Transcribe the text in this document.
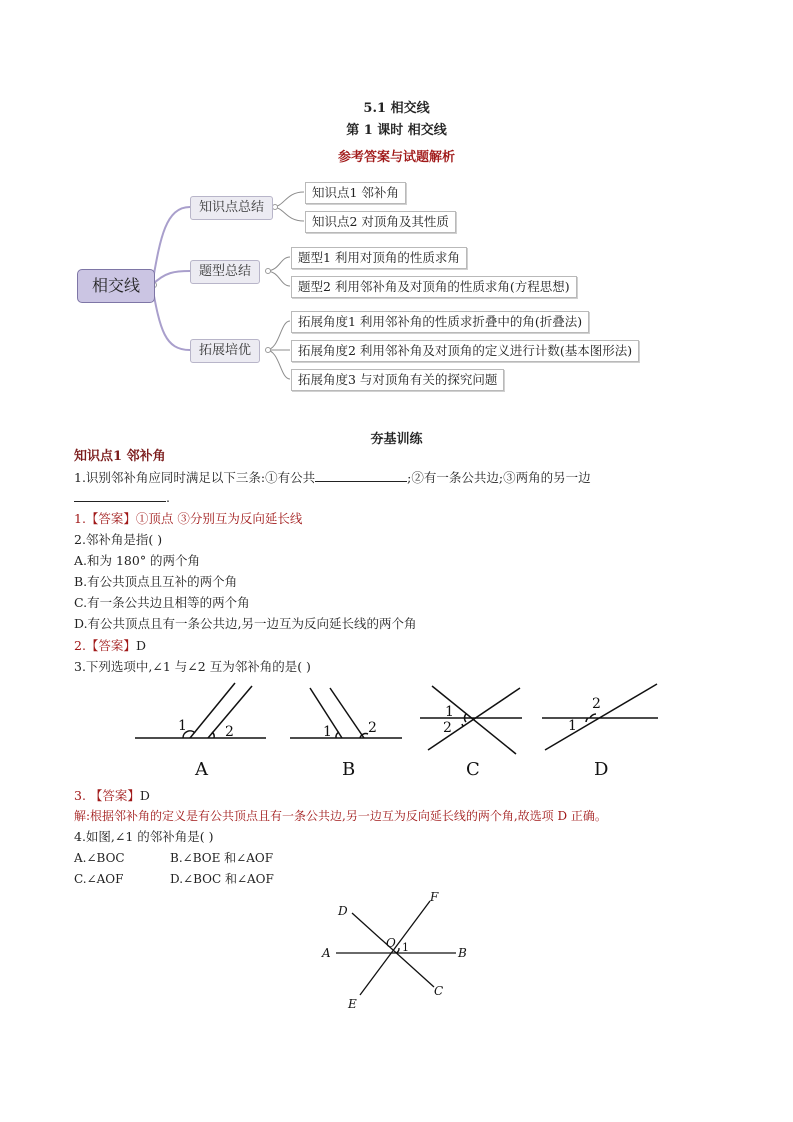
5.1 相交线
第 1 课时 相交线
参考答案与试题解析
相交线
知识点总结
题型总结
拓展培优
知识点1 邻补角
知识点2 对顶角及其性质
题型1 利用对顶角的性质求角
题型2 利用邻补角及对顶角的性质求角(方程思想)
拓展角度1 利用邻补角的性质求折叠中的角(折叠法)
拓展角度2 利用邻补角及对顶角的定义进行计数(基本图形法)
拓展角度3 与对顶角有关的探究问题
夯基训练
知识点1 邻补角
1.识别邻补角应同时满足以下三条:①有公共	;②有一条公共边;③两角的另一边
.
1.【答案】①顶点 ③分别互为反向延长线
2.邻补角是指( )
A.和为 180° 的两个角
B.有公共顶点且互补的两个角
C.有一条公共边且相等的两个角
D.有公共顶点且有一条公共边,另一边互为反向延长线的两个角
2.【答案】D
3.下列选项中,∠1 与∠2 互为邻补角的是( )
1	2	1	2
1
2
2
1
A	B	C	D
3. 【答案】D
解:根据邻补角的定义是有公共顶点且有一条公共边,另一边互为反向延长线的两个角,故选项 D 正确。
4.如图,∠1 的邻补角是( )
A.∠BOC	B.∠BOE 和∠AOF
C.∠AOF	D.∠BOC 和∠AOF
A	B
D
F
C
E
O 1
